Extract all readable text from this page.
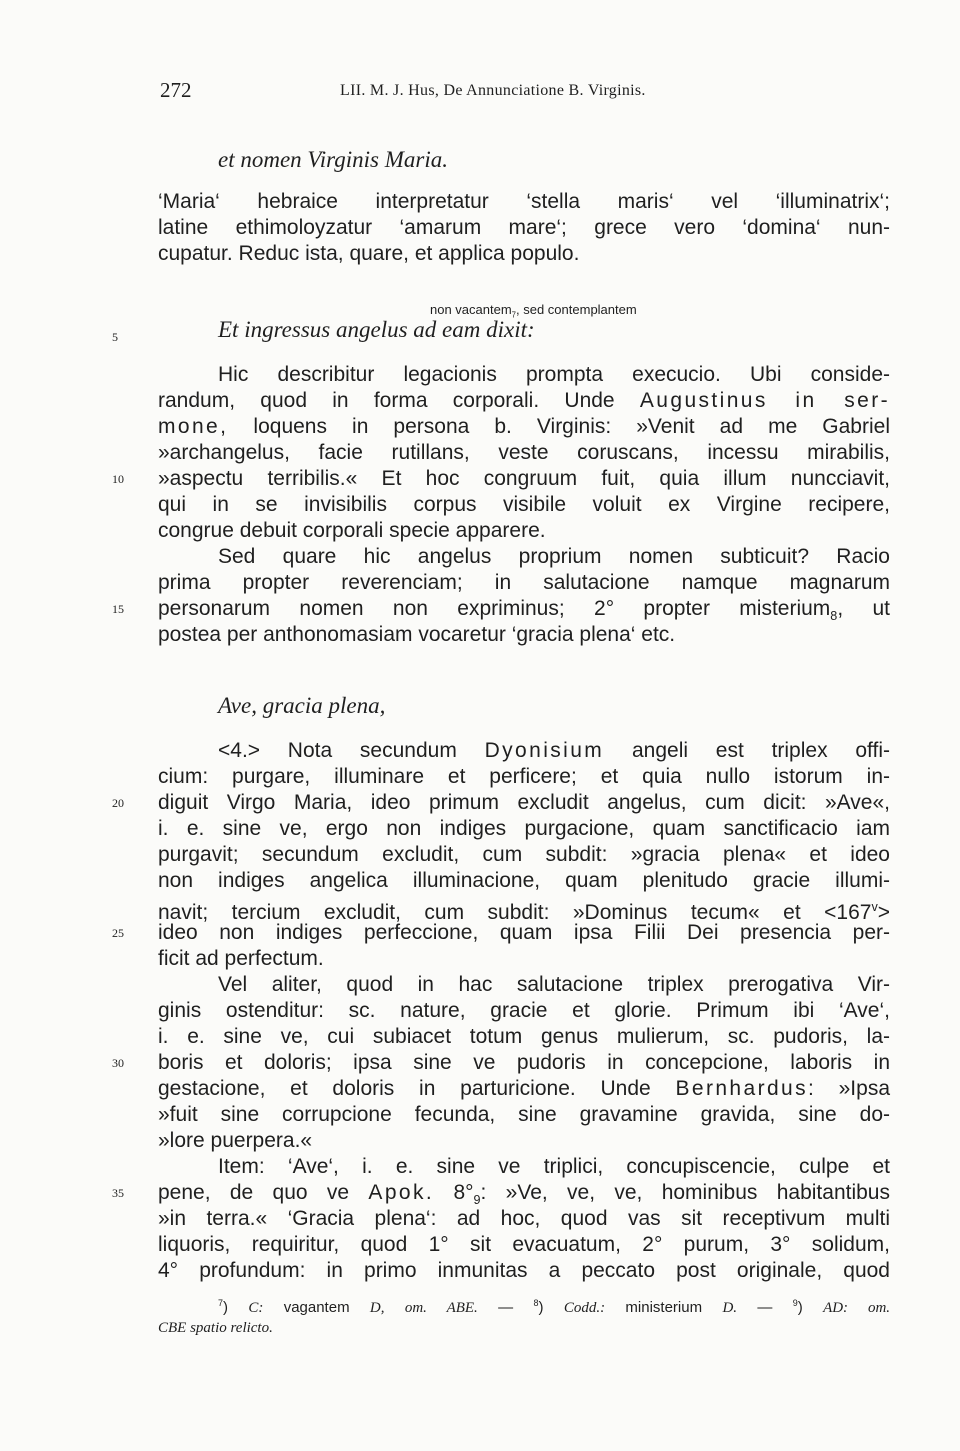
272	LII. M. J. Hus, De Annunciatione B. Virginis.
et nomen Virginis Maria.
‘Maria‘ hebraice interpretatur ‘stella maris‘ vel ‘illuminatrix‘;
latine ethimoloyzatur ‘amarum mare‘; grece vero ‘domina‘ nun-
cupatur. Reduc ista, quare, et applica populo.
non vacantem$_7$, sed contemplantem
5	Et ingressus angelus ad eam dixit:
Hic describitur legacionis prompta execucio. Ubi conside-
randum, quod in forma corporali. Unde Augustinus in ser-
mone, loquens in persona b. Virginis: »Venit ad me Gabriel
»archangelus, facie rutillans, veste coruscans, incessu mirabilis,
10	»aspectu terribilis.« Et hoc congruum fuit, quia illum nuncciavit,
qui in se invisibilis corpus visibile voluit ex Virgine recipere,
congrue debuit corporali specie apparere.
Sed quare hic angelus proprium nomen subticuit? Racio
prima propter reverenciam; in salutacione namque magnarum
15	personarum nomen non expriminus; 2° propter misterium$_8$, ut
postea per anthonomasiam vocaretur ‘gracia plena‘ etc.
Ave, gracia plena,
<4.> Nota secundum Dyonisium angeli est triplex offi-
cium: purgare, illuminare et perficere; et quia nullo istorum in-
20	diguit Virgo Maria, ideo primum excludit angelus, cum dicit: »Ave«,
i. e. sine ve, ergo non indiges purgacione, quam sanctificacio iam
purgavit; secundum excludit, cum subdit: »gracia plena« et ideo
non indiges angelica illuminacione, quam plenitudo gracie illumi-
navit; tercium excludit, cum subdit: »Dominus tecum« et $<167^v>$
25	ideo non indiges perfeccione, quam ipsa Filii Dei presencia per-
ficit ad perfectum.
Vel aliter, quod in hac salutacione triplex prerogativa Vir-
ginis ostenditur: sc. nature, gracie et glorie. Primum ibi ‘Ave‘,
i. e. sine ve, cui subiacet totum genus mulierum, sc. pudoris, la-
30	boris et doloris; ipsa sine ve pudoris in concepcione, laboris in
gestacione, et doloris in parturicione. Unde Bernhardus: »Ipsa
»fuit sine corrupcione fecunda, sine gravamine gravida, sine do-
»lore puerpera.«
Item: ‘Ave‘, i. e. sine ve triplici, concupiscencie, culpe et
35	pene, de quo ve Apok. $8^\circ_9$: »Ve, ve, ve, hominibus habitantibus
»in terra.« ‘Gracia plena‘: ad hoc, quod vas sit receptivum multi
liquoris, requiritur, quod 1° sit evacuatum, 2° purum, 3° solidum,
4° profundum: in primo inmunitas a peccato post originale, quod
$^7$) C: vagantem D, om. ABE. — $^8$) Codd.: ministerium D. — $^9$) AD: om.
CBE spatio relicto.
